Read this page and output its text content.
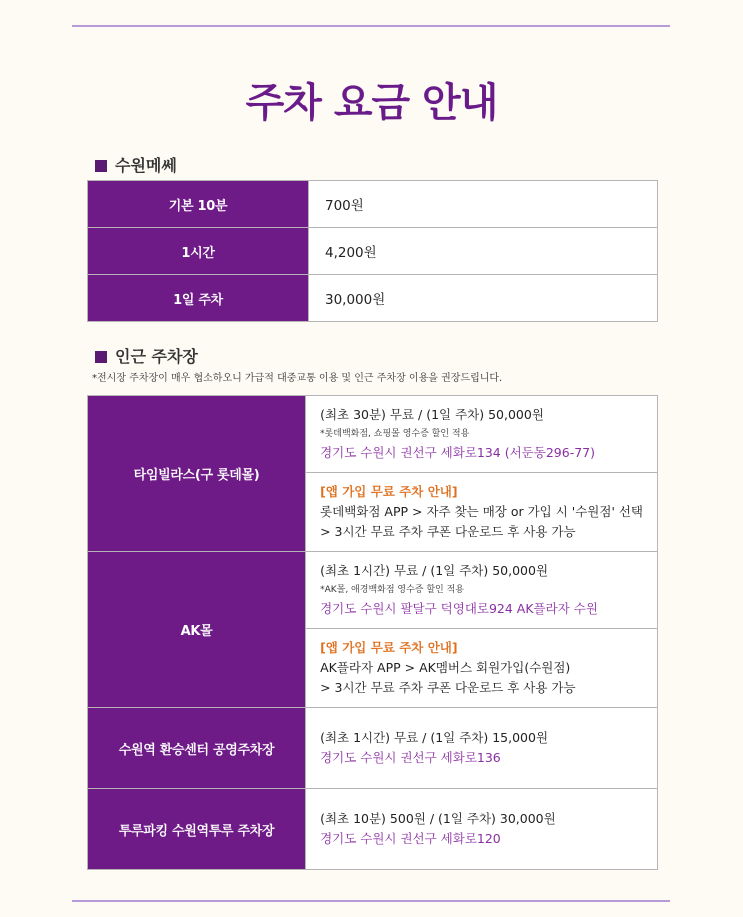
주차 요금 안내
수원메쎄
기본 10분	700원
1시간	4,200원
1일 주차	30,000원
인근 주차장
*전시장 주차장이 매우 협소하오니 가급적 대중교통 이용 및 인근 주차장 이용을 권장드립니다.
타임빌라스(구 롯데몰)	(최초 30분) 무료 / (1일 주차) 50,000원
*롯데백화점, 쇼핑몰 영수증 할인 적용
경기도 수원시 권선구 세화로134 (서둔동296-77)

	[앱 가입 무료 주차 안내]
롯데백화점 APP > 자주 찾는 매장 or 가입 시 '수원점' 선택
> 3시간 무료 주차 쿠폰 다운로드 후 사용 가능

AK몰	(최초 1시간) 무료 / (1일 주차) 50,000원
*AK몰, 애경백화점 영수증 할인 적용
경기도 수원시 팔달구 덕영대로924 AK플라자 수원

	[앱 가입 무료 주차 안내]
AK플라자 APP > AK멤버스 회원가입(수원점)
> 3시간 무료 주차 쿠폰 다운로드 후 사용 가능

수원역 환승센터 공영주차장	(최초 1시간) 무료 / (1일 주차) 15,000원
경기도 수원시 권선구 세화로136

투루파킹 수원역투루 주차장	(최초 10분) 500원 / (1일 주차) 30,000원
경기도 수원시 권선구 세화로120
